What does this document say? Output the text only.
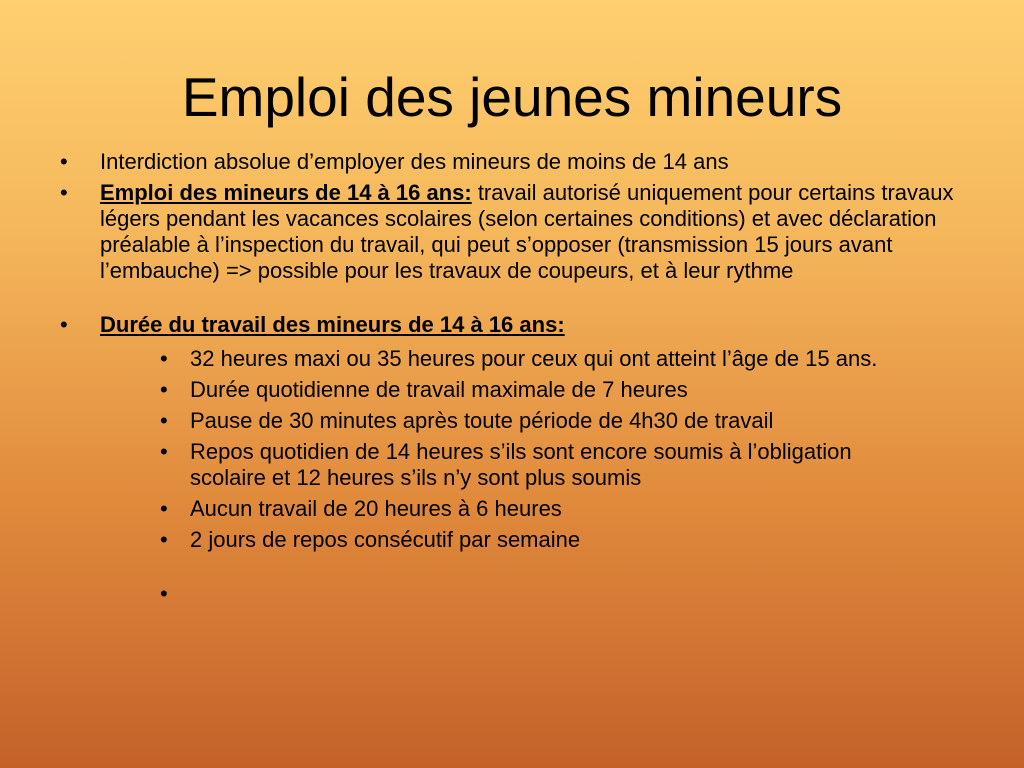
Emploi des jeunes mineurs
• Interdiction absolue d’employer des mineurs de moins de 14 ans
• Emploi des mineurs de 14 à 16 ans: travail autorisé uniquement pour certains travaux légers pendant les vacances scolaires (selon certaines conditions) et avec déclaration préalable à l’inspection du travail, qui peut s’opposer (transmission 15 jours avant l’embauche) => possible pour les travaux de coupeurs, et à leur rythme
• Durée du travail des mineurs de 14 à 16 ans:
• 32 heures maxi ou 35 heures pour ceux qui ont atteint l’âge de 15 ans.
• Durée quotidienne de travail maximale de 7 heures
• Pause de 30 minutes après toute période de 4h30 de travail
• Repos quotidien de 14 heures s’ils sont encore soumis à l’obligation scolaire et 12 heures s’ils n’y sont plus soumis
• Aucun travail de 20 heures à 6 heures
• 2 jours de repos consécutif par semaine
•
